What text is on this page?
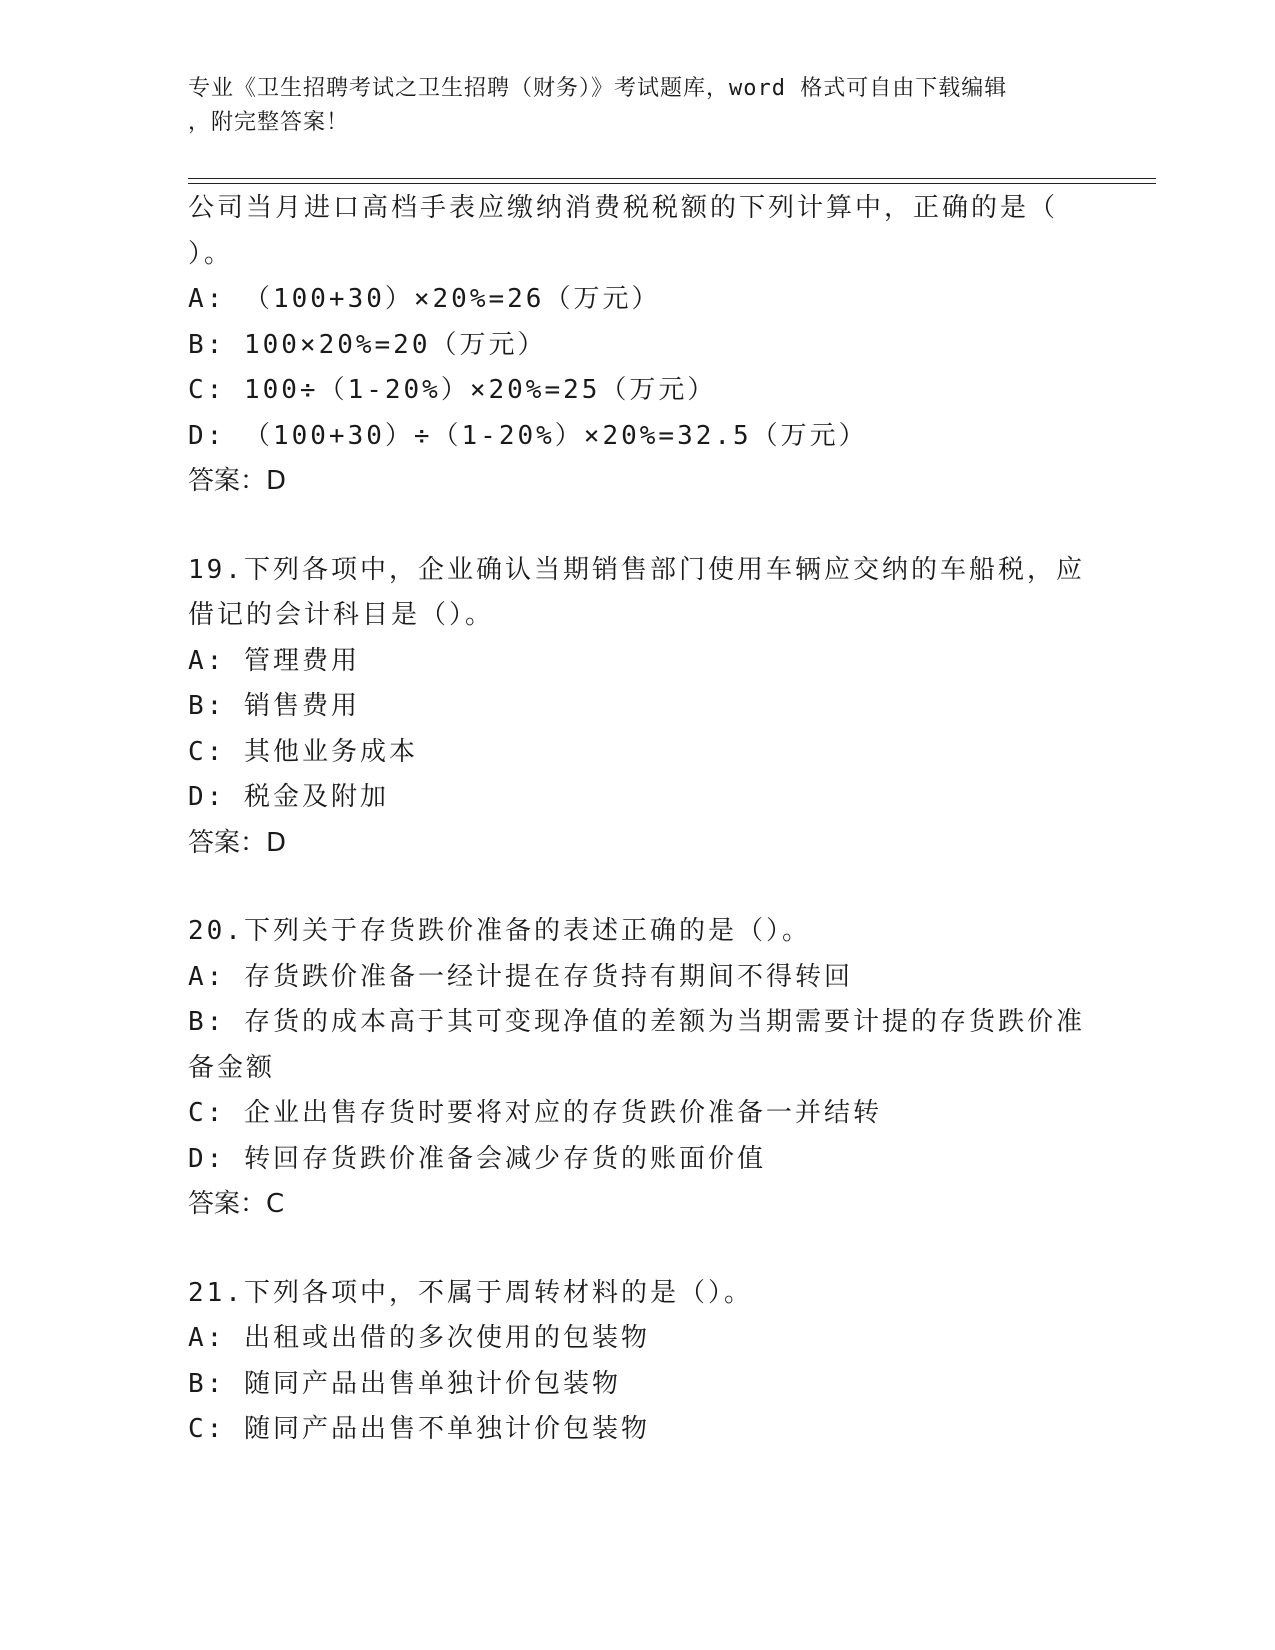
专业《卫生招聘考试之卫生招聘（财务）》考试题库，word 格式可自由下载编辑
，附完整答案！
公司当月进口高档手表应缴纳消费税税额的下列计算中，正确的是（
）。
A: （100+30）×20%=26（万元）
B: 100×20%=20（万元）
C: 100÷（1-20%）×20%=25（万元）
D: （100+30）÷（1-20%）×20%=32.5（万元）
答案：D
19.下列各项中，企业确认当期销售部门使用车辆应交纳的车船税，应
借记的会计科目是（）。
A: 管理费用
B: 销售费用
C: 其他业务成本
D: 税金及附加
答案：D
20.下列关于存货跌价准备的表述正确的是（）。
A: 存货跌价准备一经计提在存货持有期间不得转回
B: 存货的成本高于其可变现净值的差额为当期需要计提的存货跌价准
备金额
C: 企业出售存货时要将对应的存货跌价准备一并结转
D: 转回存货跌价准备会减少存货的账面价值
答案：C
21.下列各项中，不属于周转材料的是（）。
A: 出租或出借的多次使用的包装物
B: 随同产品出售单独计价包装物
C: 随同产品出售不单独计价包装物
